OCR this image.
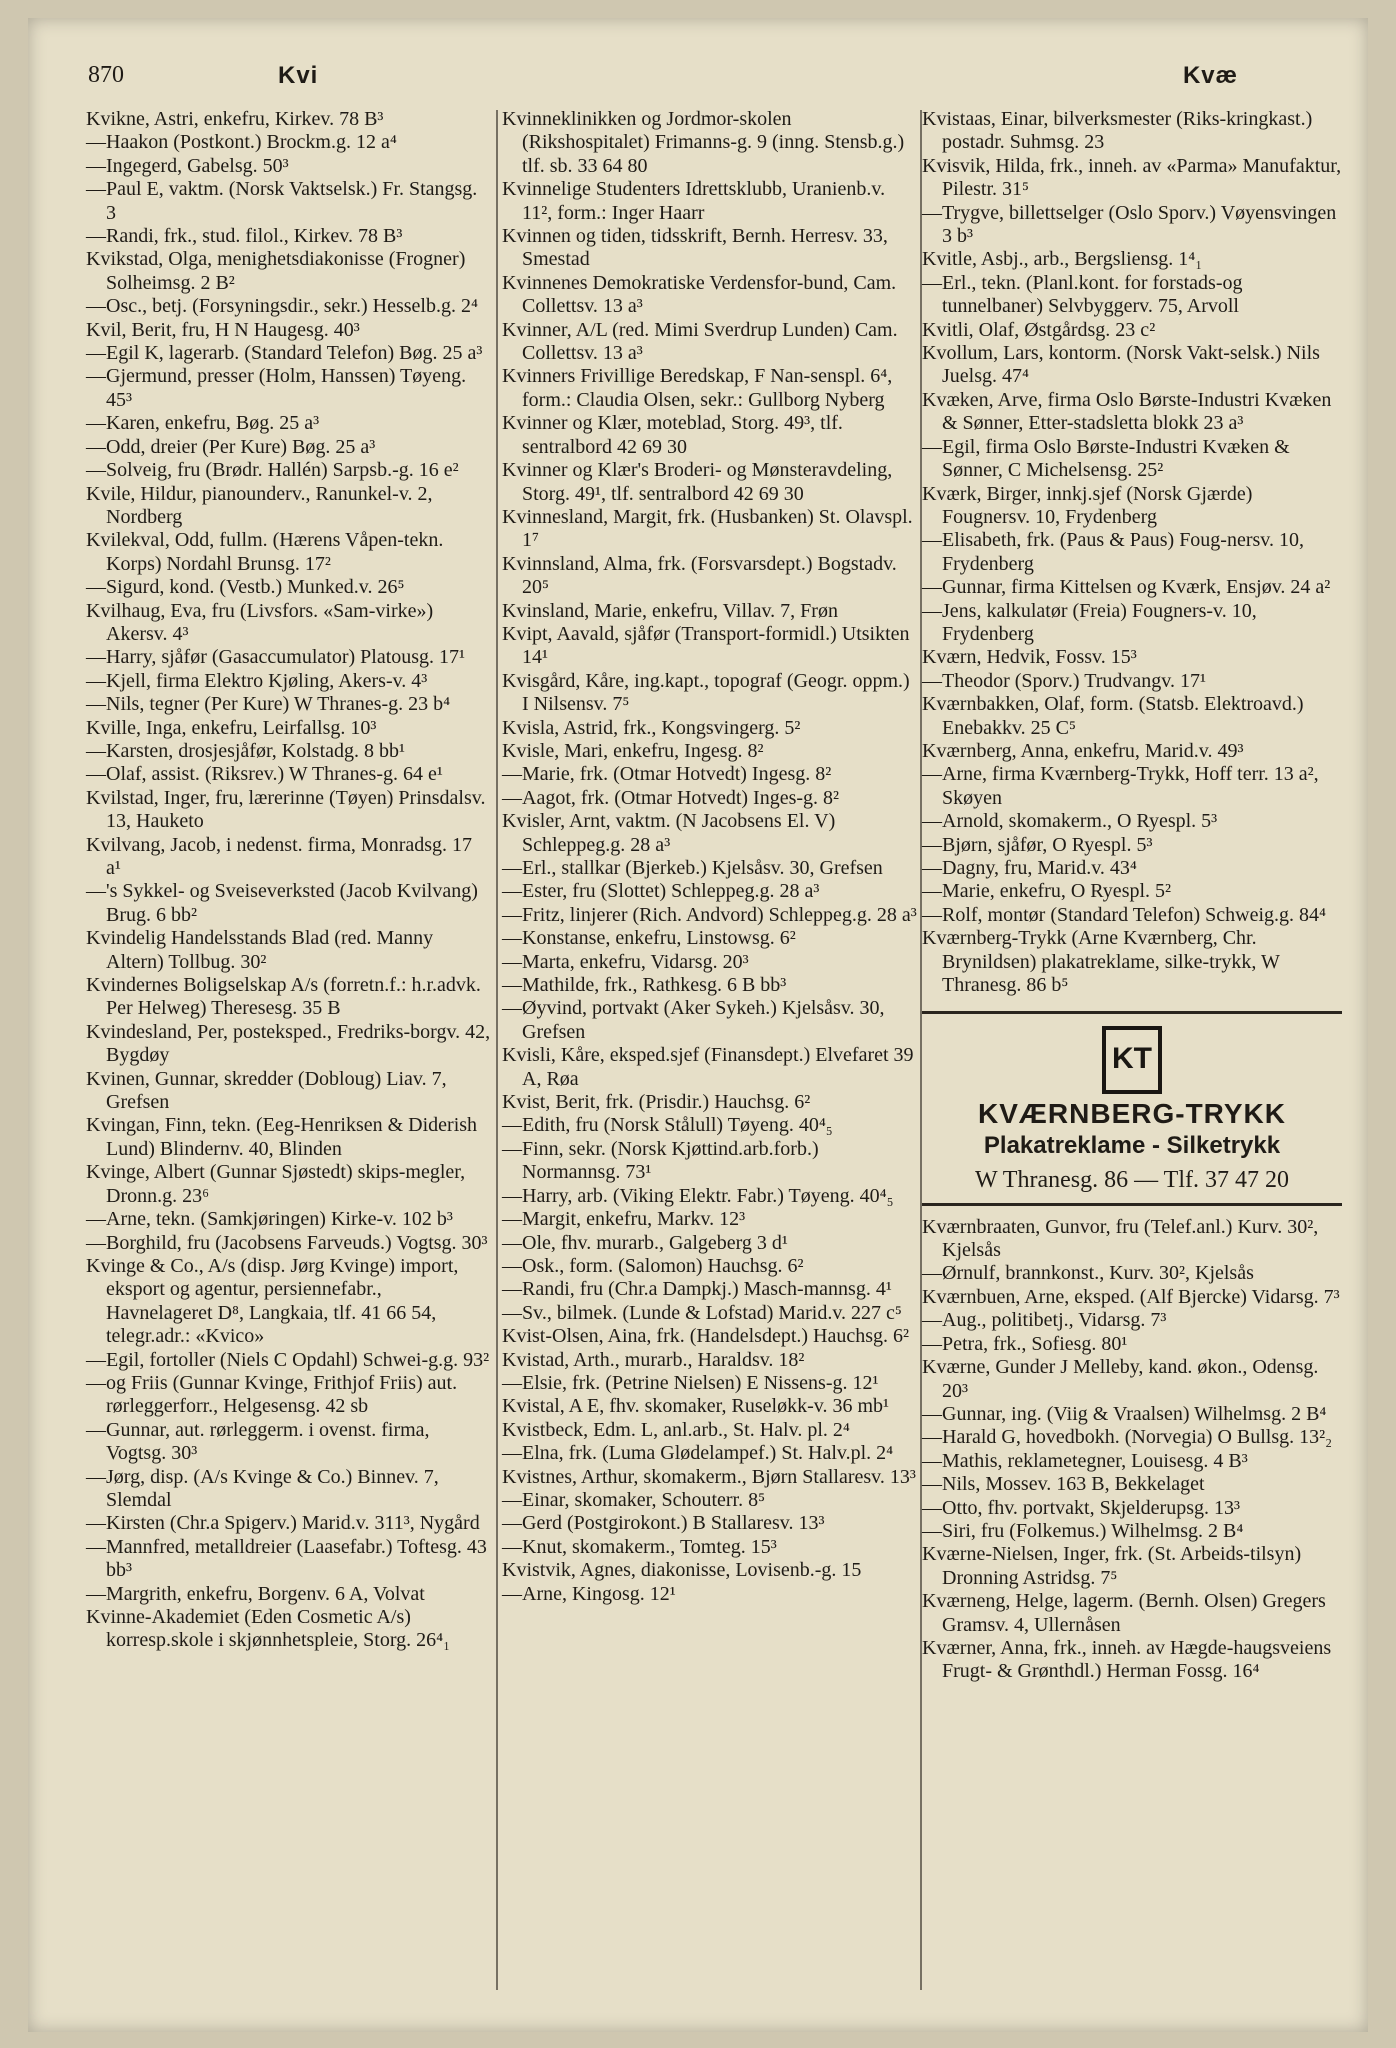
870	Kvi	Kvæ
Kvikne, Astri, enkefru, Kirkev. 78 B³
—Haakon (Postkont.) Brockm.g. 12 a⁴
—Ingegerd, Gabelsg. 50³
—Paul E, vaktm. (Norsk Vaktselsk.) Fr. Stangsg. 3
—Randi, frk., stud. filol., Kirkev. 78 B³
Kvikstad, Olga, menighetsdiakonisse (Frogner) Solheimsg. 2 B²
—Osc., betj. (Forsyningsdir., sekr.) Hesselb.g. 2⁴
Kvil, Berit, fru, H N Haugesg. 40³
—Egil K, lagerarb. (Standard Telefon) Bøg. 25 a³
—Gjermund, presser (Holm, Hanssen) Tøyeng. 45³
—Karen, enkefru, Bøg. 25 a³
—Odd, dreier (Per Kure) Bøg. 25 a³
—Solveig, fru (Brødr. Hallén) Sarpsb.-g. 16 e²
Kvile, Hildur, pianounderv., Ranunkel-v. 2, Nordberg
Kvilekval, Odd, fullm. (Hærens Våpen-tekn. Korps) Nordahl Brunsg. 17²
—Sigurd, kond. (Vestb.) Munked.v. 26⁵
Kvilhaug, Eva, fru (Livsfors. «Sam-virke») Akersv. 4³
—Harry, sjåfør (Gasaccumulator) Platousg. 17¹
—Kjell, firma Elektro Kjøling, Akers-v. 4³
—Nils, tegner (Per Kure) W Thranes-g. 23 b⁴
Kville, Inga, enkefru, Leirfallsg. 10³
—Karsten, drosjesjåfør, Kolstadg. 8 bb¹
—Olaf, assist. (Riksrev.) W Thranes-g. 64 e¹
Kvilstad, Inger, fru, lærerinne (Tøyen) Prinsdalsv. 13, Hauketo
Kvilvang, Jacob, i nedenst. firma, Monradsg. 17 a¹
—'s Sykkel- og Sveiseverksted (Jacob Kvilvang) Brug. 6 bb²
Kvindelig Handelsstands Blad (red. Manny Altern) Tollbug. 30²
Kvindernes Boligselskap A/s (forretn.f.: h.r.advk. Per Helweg) Theresesg. 35 B
Kvindesland, Per, posteksped., Fredriks-borgv. 42, Bygdøy
Kvinen, Gunnar, skredder (Dobloug) Liav. 7, Grefsen
Kvingan, Finn, tekn. (Eeg-Henriksen & Diderish Lund) Blindernv. 40, Blinden
Kvinge, Albert (Gunnar Sjøstedt) skips-megler, Dronn.g. 23⁶
—Arne, tekn. (Samkjøringen) Kirke-v. 102 b³
—Borghild, fru (Jacobsens Farveuds.) Vogtsg. 30³
Kvinge & Co., A/s (disp. Jørg Kvinge) import, eksport og agentur, persiennefabr., Havnelageret D⁸, Langkaia, tlf. 41 66 54, telegr.adr.: «Kvico»
—Egil, fortoller (Niels C Opdahl) Schwei-g.g. 93²
—og Friis (Gunnar Kvinge, Frithjof Friis) aut. rørleggerforr., Helgesensg. 42 sb
—Gunnar, aut. rørleggerm. i ovenst. firma, Vogtsg. 30³
—Jørg, disp. (A/s Kvinge & Co.) Binnev. 7, Slemdal
—Kirsten (Chr.a Spigerv.) Marid.v. 311³, Nygård
—Mannfred, metalldreier (Laasefabr.) Toftesg. 43 bb³
—Margrith, enkefru, Borgenv. 6 A, Volvat
Kvinne-Akademiet (Eden Cosmetic A/s) korresp.skole i skjønnhetspleie, Storg. 26⁴₁
Kvinneklinikken og Jordmor-skolen (Rikshospitalet) Frimanns-g. 9 (inng. Stensb.g.) tlf. sb. 33 64 80
Kvinnelige Studenters Idrettsklubb, Uranienb.v. 11², form.: Inger Haarr
Kvinnen og tiden, tidsskrift, Bernh. Herresv. 33, Smestad
Kvinnenes Demokratiske Verdensfor-bund, Cam. Collettsv. 13 a³
Kvinner, A/L (red. Mimi Sverdrup Lunden) Cam. Collettsv. 13 a³
Kvinners Frivillige Beredskap, F Nan-senspl. 6⁴, form.: Claudia Olsen, sekr.: Gullborg Nyberg
Kvinner og Klær, moteblad, Storg. 49³, tlf. sentralbord 42 69 30
Kvinner og Klær's Broderi- og Mønsteravdeling, Storg. 49¹, tlf. sentralbord 42 69 30
Kvinnesland, Margit, frk. (Husbanken) St. Olavspl. 1⁷
Kvinnsland, Alma, frk. (Forsvarsdept.) Bogstadv. 20⁵
Kvinsland, Marie, enkefru, Villav. 7, Frøn
Kvipt, Aavald, sjåfør (Transport-formidl.) Utsikten 14¹
Kvisgård, Kåre, ing.kapt., topograf (Geogr. oppm.) I Nilsensv. 7⁵
Kvisla, Astrid, frk., Kongsvingerg. 5²
Kvisle, Mari, enkefru, Ingesg. 8²
—Marie, frk. (Otmar Hotvedt) Ingesg. 8²
—Aagot, frk. (Otmar Hotvedt) Inges-g. 8²
Kvisler, Arnt, vaktm. (N Jacobsens El. V) Schleppeg.g. 28 a³
—Erl., stallkar (Bjerkeb.) Kjelsåsv. 30, Grefsen
—Ester, fru (Slottet) Schleppeg.g. 28 a³
—Fritz, linjerer (Rich. Andvord) Schleppeg.g. 28 a³
—Konstanse, enkefru, Linstowsg. 6²
—Marta, enkefru, Vidarsg. 20³
—Mathilde, frk., Rathkesg. 6 B bb³
—Øyvind, portvakt (Aker Sykeh.) Kjelsåsv. 30, Grefsen
Kvisli, Kåre, eksped.sjef (Finansdept.) Elvefaret 39 A, Røa
Kvist, Berit, frk. (Prisdir.) Hauchsg. 6²
—Edith, fru (Norsk Stålull) Tøyeng. 40⁴₅
—Finn, sekr. (Norsk Kjøttind.arb.forb.) Normannsg. 73¹
—Harry, arb. (Viking Elektr. Fabr.) Tøyeng. 40⁴₅
—Margit, enkefru, Markv. 12³
—Ole, fhv. murarb., Galgeberg 3 d¹
—Osk., form. (Salomon) Hauchsg. 6²
—Randi, fru (Chr.a Dampkj.) Masch-mannsg. 4¹
—Sv., bilmek. (Lunde & Lofstad) Marid.v. 227 c⁵
Kvist-Olsen, Aina, frk. (Handelsdept.) Hauchsg. 6²
Kvistad, Arth., murarb., Haraldsv. 18²
—Elsie, frk. (Petrine Nielsen) E Nissens-g. 12¹
Kvistal, A E, fhv. skomaker, Ruseløkk-v. 36 mb¹
Kvistbeck, Edm. L, anl.arb., St. Halv. pl. 2⁴
—Elna, frk. (Luma Glødelampef.) St. Halv.pl. 2⁴
Kvistnes, Arthur, skomakerm., Bjørn Stallaresv. 13³
—Einar, skomaker, Schouterr. 8⁵
—Gerd (Postgirokont.) B Stallaresv. 13³
—Knut, skomakerm., Tomteg. 15³
Kvistvik, Agnes, diakonisse, Lovisenb.-g. 15
—Arne, Kingosg. 12¹
Kvistaas, Einar, bilverksmester (Riks-kringkast.) postadr. Suhmsg. 23
Kvisvik, Hilda, frk., inneh. av «Parma» Manufaktur, Pilestr. 31⁵
—Trygve, billettselger (Oslo Sporv.) Vøyensvingen 3 b³
Kvitle, Asbj., arb., Bergsliensg. 1⁴₁
—Erl., tekn. (Planl.kont. for forstads-og tunnelbaner) Selvbyggerv. 75, Arvoll
Kvitli, Olaf, Østgårdsg. 23 c²
Kvollum, Lars, kontorm. (Norsk Vakt-selsk.) Nils Juelsg. 47⁴
Kvæken, Arve, firma Oslo Børste-Industri Kvæken & Sønner, Etter-stadsletta blokk 23 a³
—Egil, firma Oslo Børste-Industri Kvæken & Sønner, C Michelsensg. 25²
Kværk, Birger, innkj.sjef (Norsk Gjærde) Fougnersv. 10, Frydenberg
—Elisabeth, frk. (Paus & Paus) Foug-nersv. 10, Frydenberg
—Gunnar, firma Kittelsen og Kværk, Ensjøv. 24 a²
—Jens, kalkulatør (Freia) Fougners-v. 10, Frydenberg
Kværn, Hedvik, Fossv. 15³
—Theodor (Sporv.) Trudvangv. 17¹
Kværnbakken, Olaf, form. (Statsb. Elektroavd.) Enebakkv. 25 C⁵
Kværnberg, Anna, enkefru, Marid.v. 49³
—Arne, firma Kværnberg-Trykk, Hoff terr. 13 a², Skøyen
—Arnold, skomakerm., O Ryespl. 5³
—Bjørn, sjåfør, O Ryespl. 5³
—Dagny, fru, Marid.v. 43⁴
—Marie, enkefru, O Ryespl. 5²
—Rolf, montør (Standard Telefon) Schweig.g. 84⁴
Kværnberg-Trykk (Arne Kværnberg, Chr. Brynildsen) plakatreklame, silke-trykk, W Thranesg. 86 b⁵
KT
KVÆRNBERG-TRYKK
Plakatreklame - Silketrykk
W Thranesg. 86 — Tlf. 37 47 20
Kværnbraaten, Gunvor, fru (Telef.anl.) Kurv. 30², Kjelsås
—Ørnulf, brannkonst., Kurv. 30², Kjelsås
Kværnbuen, Arne, eksped. (Alf Bjercke) Vidarsg. 7³
—Aug., politibetj., Vidarsg. 7³
—Petra, frk., Sofiesg. 80¹
Kværne, Gunder J Melleby, kand. økon., Odensg. 20³
—Gunnar, ing. (Viig & Vraalsen) Wilhelmsg. 2 B⁴
—Harald G, hovedbokh. (Norvegia) O Bullsg. 13²₂
—Mathis, reklametegner, Louisesg. 4 B³
—Nils, Mossev. 163 B, Bekkelaget
—Otto, fhv. portvakt, Skjelderupsg. 13³
—Siri, fru (Folkemus.) Wilhelmsg. 2 B⁴
Kværne-Nielsen, Inger, frk. (St. Arbeids-tilsyn) Dronning Astridsg. 7⁵
Kværneng, Helge, lagerm. (Bernh. Olsen) Gregers Gramsv. 4, Ullernåsen
Kværner, Anna, frk., inneh. av Hægde-haugsveiens Frugt- & Grønthdl.) Herman Fossg. 16⁴
